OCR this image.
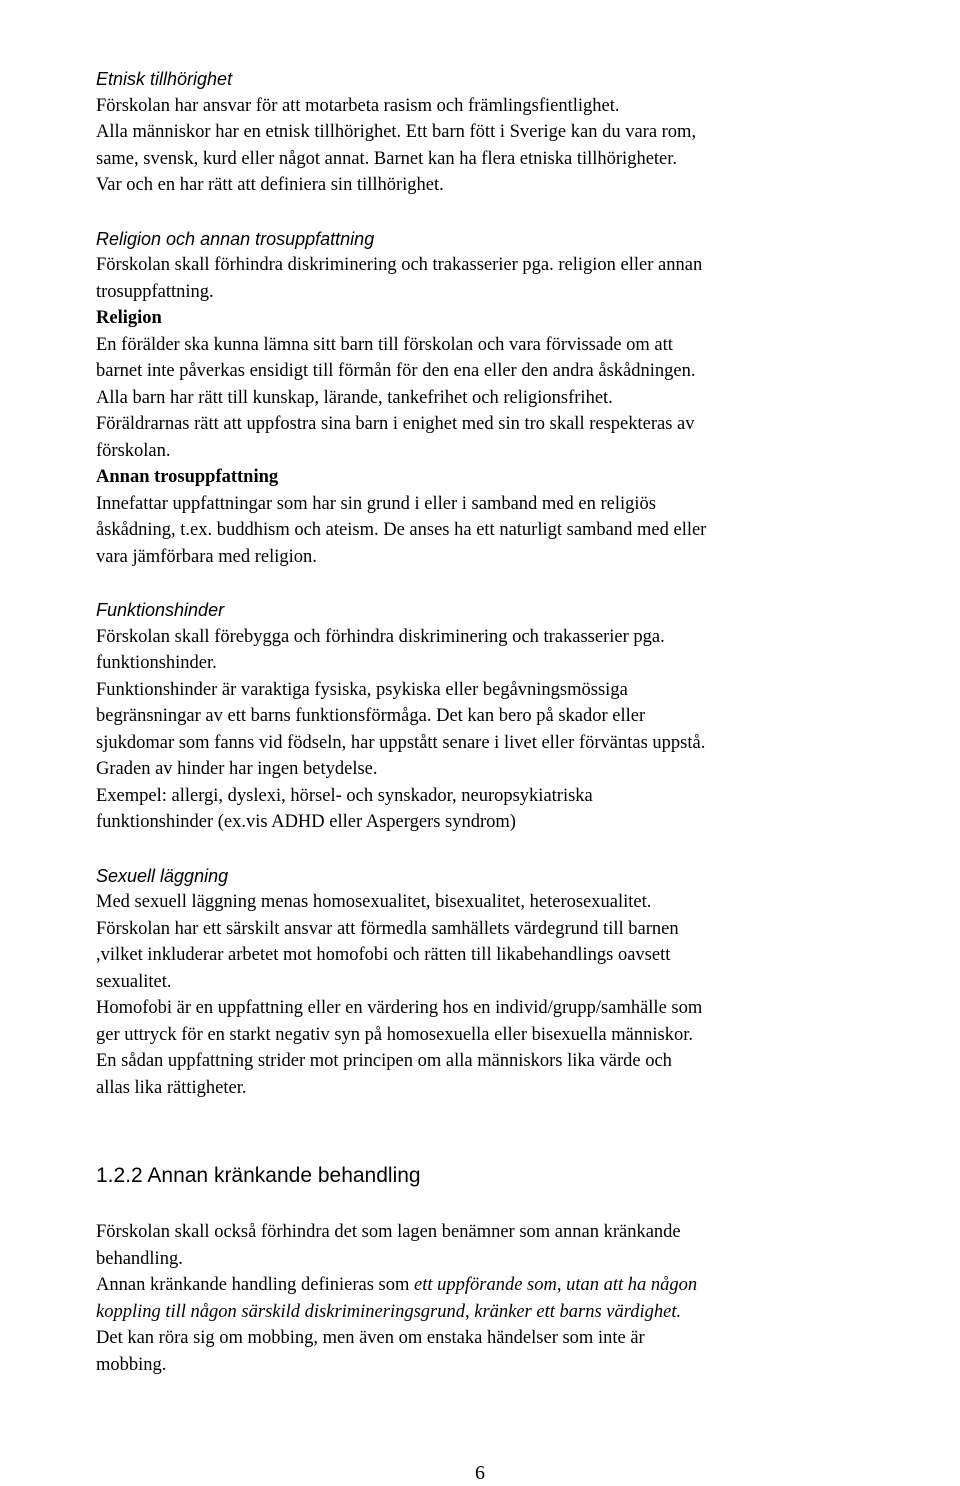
Etnisk tillhörighet

Förskolan har ansvar för att motarbeta rasism och främlingsfientlighet.

Alla människor har en etnisk tillhörighet. Ett barn fött i Sverige kan du vara rom,

same, svensk, kurd eller något annat. Barnet kan ha flera etniska tillhörigheter.

Var och en har rätt att definiera sin tillhörighet.

Religion och annan trosuppfattning

Förskolan skall förhindra diskriminering och trakasserier pga. religion eller annan

trosuppfattning.

Religion

En förälder ska kunna lämna sitt barn till förskolan och vara förvissade om att

barnet inte påverkas ensidigt till förmån för den ena eller den andra åskådningen.

Alla barn har rätt till kunskap, lärande, tankefrihet och religionsfrihet.

Föräldrarnas rätt att uppfostra sina barn i enighet med sin tro skall respekteras av

förskolan.

Annan trosuppfattning

Innefattar uppfattningar som har sin grund i eller i samband med en religiös

åskådning, t.ex. buddhism och ateism. De anses ha ett naturligt samband med eller

vara jämförbara med religion.

Funktionshinder

Förskolan skall förebygga och förhindra diskriminering och trakasserier pga.

funktionshinder.

Funktionshinder är varaktiga fysiska, psykiska eller begåvningsmössiga

begränsningar av ett barns funktionsförmåga. Det kan bero på skador eller

sjukdomar som fanns vid födseln, har uppstått senare i livet eller förväntas uppstå.

Graden av hinder har ingen betydelse.

Exempel: allergi, dyslexi, hörsel- och synskador, neuropsykiatriska

funktionshinder (ex.vis ADHD eller Aspergers syndrom)

Sexuell läggning

Med sexuell läggning menas homosexualitet, bisexualitet, heterosexualitet.

Förskolan har ett särskilt ansvar att förmedla samhällets värdegrund till barnen

,vilket inkluderar arbetet mot homofobi och rätten till likabehandlings oavsett

sexualitet.

Homofobi är en uppfattning eller en värdering hos en individ/grupp/samhälle som

ger uttryck för en starkt negativ syn på homosexuella eller bisexuella människor.

En sådan uppfattning strider mot principen om alla människors lika värde och

allas lika rättigheter.

1.2.2 Annan kränkande behandling

Förskolan skall också förhindra det som lagen benämner som annan kränkande

behandling.

Annan kränkande handling definieras som ett uppförande som, utan att ha någon

koppling till någon särskild diskrimineringsgrund, kränker ett barns värdighet.

Det kan röra sig om mobbing, men även om enstaka händelser som inte är

mobbing.

6
